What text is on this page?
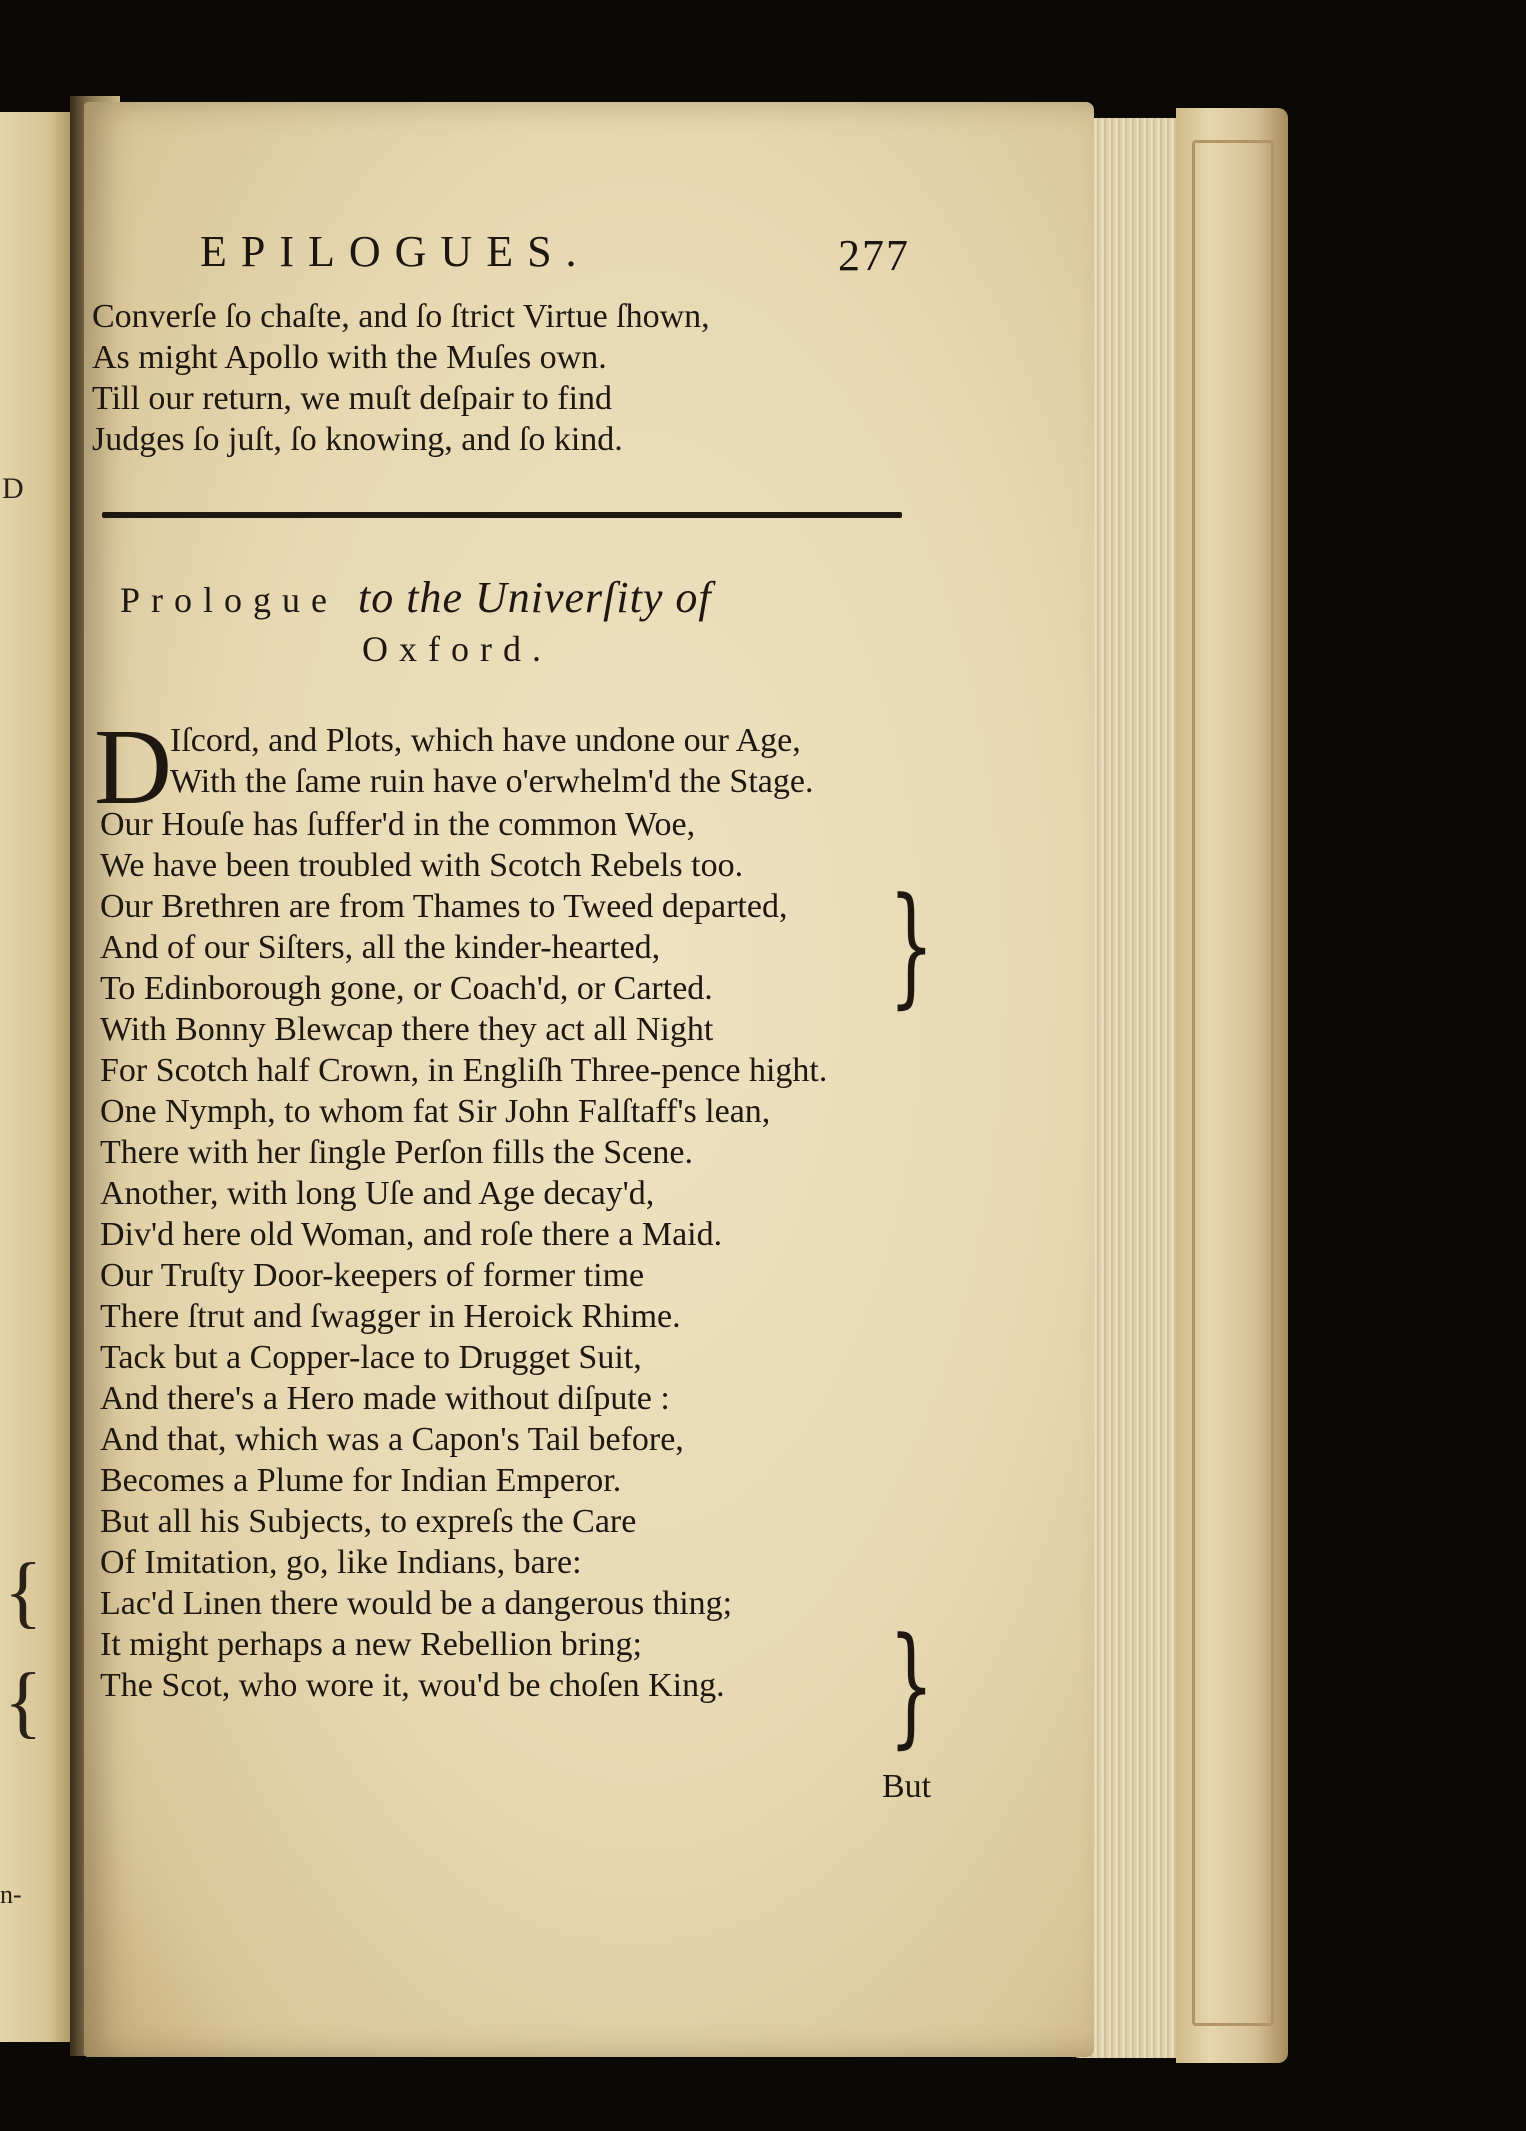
D
{
{
n-
EPILOGUES.	277
Converſe ſo chaſte, and ſo ſtrict Virtue ſhown,
As might Apollo with the Muſes own.
Till our return, we muſt deſpair to find
Judges ſo juſt, ſo knowing, and ſo kind.
Prologue to the Univerſity of
Oxford.
D
Iſcord, and Plots, which have undone our Age,
With the ſame ruin have o'erwhelm'd the Stage.
Our Houſe has ſuffer'd in the common Woe,
We have been troubled with Scotch Rebels too.
Our Brethren are from Thames to Tweed departed,
And of our Siſters, all the kinder-hearted,
To Edinborough gone, or Coach'd, or Carted.
With Bonny Blewcap there they act all Night
For Scotch half Crown, in Engliſh Three-pence hight.
One Nymph, to whom fat Sir John Falſtaff's lean,
There with her ſingle Perſon fills the Scene.
Another, with long Uſe and Age decay'd,
Div'd here old Woman, and roſe there a Maid.
Our Truſty Door-keepers of former time
There ſtrut and ſwagger in Heroick Rhime.
Tack but a Copper-lace to Drugget Suit,
And there's a Hero made without diſpute :
And that, which was a Capon's Tail before,
Becomes a Plume for Indian Emperor.
But all his Subjects, to expreſs the Care
Of Imitation, go, like Indians, bare:
Lac'd Linen there would be a dangerous thing;
It might perhaps a new Rebellion bring;
The Scot, who wore it, wou'd be choſen King.
}
}
But
